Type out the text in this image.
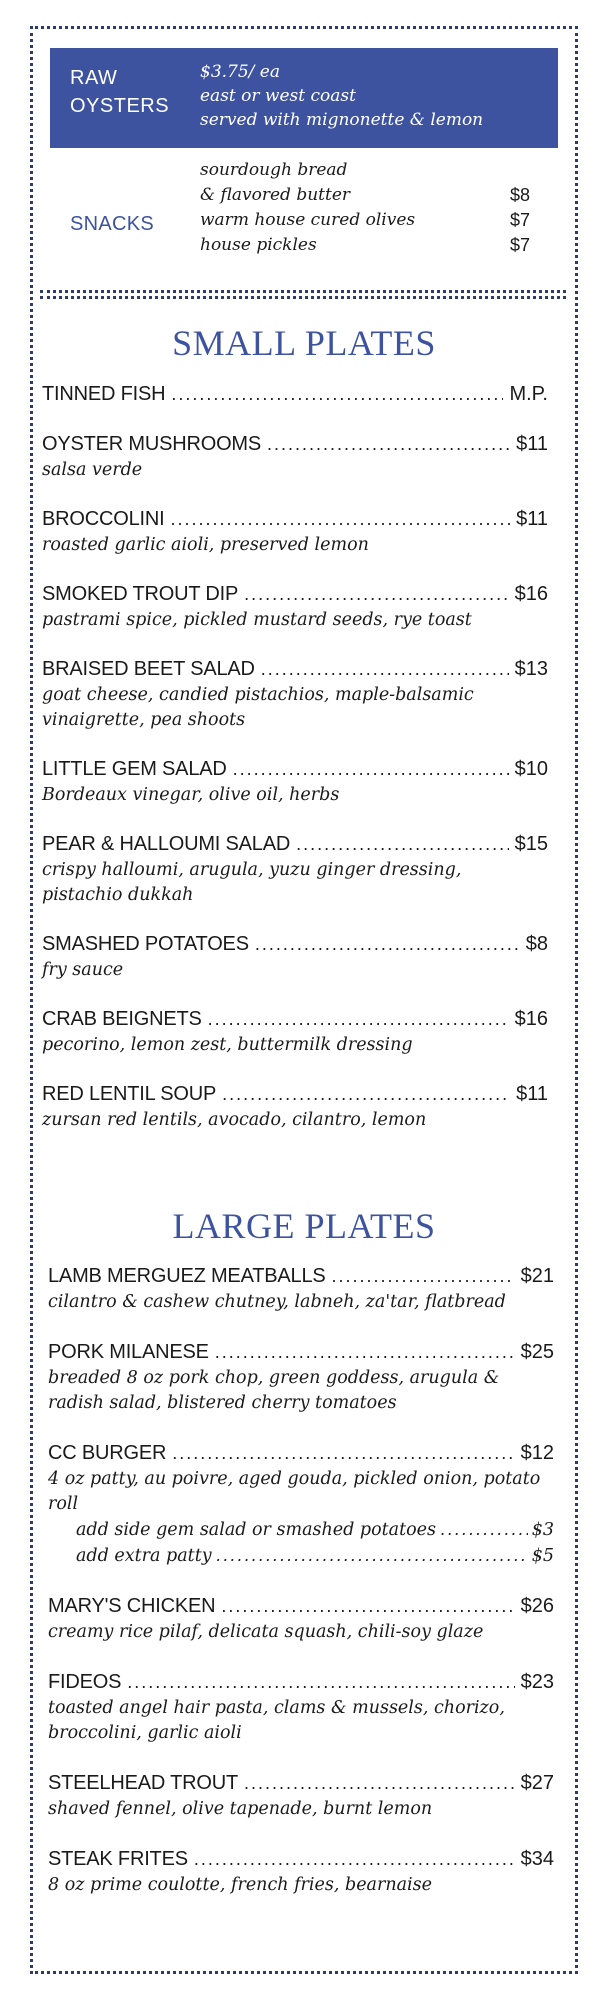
RAW
OYSTERS
$3.75/ ea
east or west coast
served with mignonette & lemon
SNACKS
sourdough bread
& flavored butter	$8
warm house cured olives	$7
house pickles	$7
SMALL PLATES
TINNED FISH .....	M.P.
OYSTER MUSHROOMS .....	$11
salsa verde
BROCCOLINI .....	$11
roasted garlic aioli, preserved lemon
SMOKED TROUT DIP .....	$16
pastrami spice, pickled mustard seeds, rye toast
BRAISED BEET SALAD .....	$13
goat cheese, candied pistachios, maple-balsamic vinaigrette, pea shoots
LITTLE GEM SALAD .....	$10
Bordeaux vinegar, olive oil, herbs
PEAR & HALLOUMI SALAD .....	$15
crispy halloumi, arugula, yuzu ginger dressing, pistachio dukkah
SMASHED POTATOES .....	$8
fry sauce
CRAB BEIGNETS .....	$16
pecorino, lemon zest, buttermilk dressing
RED LENTIL SOUP .....	$11
zursan red lentils, avocado, cilantro, lemon
LARGE PLATES
LAMB MERGUEZ MEATBALLS .....	$21
cilantro & cashew chutney, labneh, za'tar, flatbread
PORK MILANESE .....	$25
breaded 8 oz pork chop, green goddess, arugula & radish salad, blistered cherry tomatoes
CC BURGER .....	$12
4 oz patty, au poivre, aged gouda, pickled onion, potato roll
add side gem salad or smashed potatoes .....	$3
add extra patty .....	$5
MARY'S CHICKEN .....	$26
creamy rice pilaf, delicata squash, chili-soy glaze
FIDEOS .....	$23
toasted angel hair pasta, clams & mussels, chorizo, broccolini, garlic aioli
STEELHEAD TROUT .....	$27
shaved fennel, olive tapenade, burnt lemon
STEAK FRITES .....	$34
8 oz prime coulotte, french fries, bearnaise
